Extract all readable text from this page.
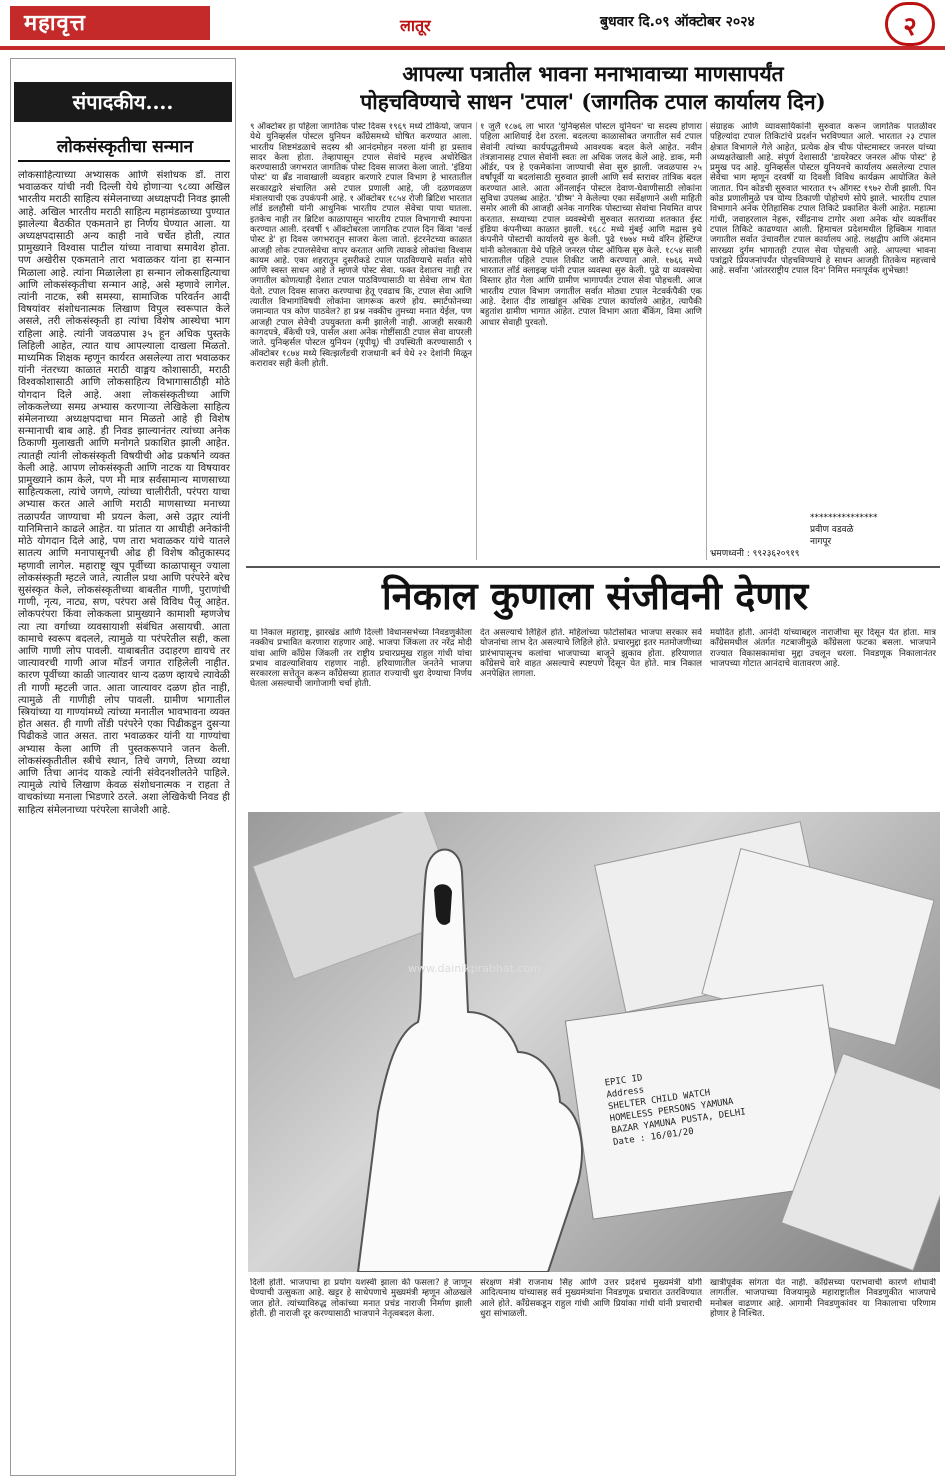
महावृत्त	लातूर	बुधवार दि.०९ ऑक्टोबर २०२४	२
संपादकीय....
लोकसंस्कृतीचा सन्मान
लोकसाहित्याच्या अभ्यासक आणि संशोधक डॉ. तारा भवाळकर यांची नवी दिल्ली येथे होणाऱ्या ९८व्या अखिल भारतीय मराठी साहित्य संमेलनाच्या अध्यक्षपदी निवड झाली आहे. अखिल भारतीय मराठी साहित्य महामंडळाच्या पुण्यात झालेल्या बैठकीत एकमताने हा निर्णय घेण्यात आला. या अध्यक्षपदासाठी अन्य काही नावे चर्चेत होती, त्यात प्रामुख्याने विश्वास पाटील यांच्या नावाचा समावेश होता. पण अखेरीस एकमताने तारा भवाळकर यांना हा सन्मान मिळाला आहे. त्यांना मिळालेला हा सन्मान लोकसाहित्याचा आणि लोकसंस्कृतीचा सन्मान आहे, असे म्हणावे लागेल. त्यांनी नाटक, स्त्री समस्या, सामाजिक परिवर्तन आदी विषयांवर संशोधनात्मक लिखाण विपुल स्वरूपात केले असले, तरी लोकसंस्कृती हा त्यांचा विशेष आस्थेचा भाग राहिला आहे. त्यांनी जवळपास ३५ हून अधिक पुस्तके लिहिली आहेत, त्यात याच आपल्याला दाखला मिळतो. माध्यमिक शिक्षक म्हणून कार्यरत असलेल्या तारा भवाळकर यांनी नंतरच्या काळात मराठी वाङ्मय कोशासाठी, मराठी विश्वकोशासाठी आणि लोकसाहित्य विभागासाठीही मोठे योगदान दिले आहे. अशा लोकसंस्कृतीच्या आणि लोककलेच्या समग्र अभ्यास करणाऱ्या लेखिकेला साहित्य संमेलनाच्या अध्यक्षपदाचा मान मिळतो आहे ही विशेष सन्मानाची बाब आहे. ही निवड झाल्यानंतर त्यांच्या अनेक ठिकाणी मुलाखती आणि मनोगते प्रकाशित झाली आहेत. त्यातही त्यांनी लोकसंस्कृती विषयीची ओढ प्रकर्षाने व्यक्त केली आहे. आपण लोकसंस्कृती आणि नाटक या विषयावर प्रामुख्याने काम केले, पण मी मात्र सर्वसामान्य माणसाच्या साहित्यकला, त्यांचे जगणे, त्यांच्या चालीरीती, परंपरा याचा अभ्यास करत आले आणि मराठी माणसाच्या मनाच्या तळापर्यंत जाण्याचा मी प्रयत्न केला, असे उद्गार त्यांनी यानिमित्ताने काढले आहेत. या प्रांतात या आधीही अनेकांनी मोठे योगदान दिले आहे, पण तारा भवाळकर यांचे यातले सातत्य आणि मनापासूनची ओढ ही विशेष कौतुकास्पद म्हणावी लागेल. महाराष्ट्र खूप पूर्वीच्या काळापासून ज्याला लोकसंस्कृती म्हटले जाते, त्यातील प्रथा आणि परंपरेने बरेच सुसंस्कृत केले, लोकसंस्कृतीच्या बाबतीत गाणी, पुराणांची गाणी, नृत्य, नाट्य, सण, परंपरा असे विविध पैलू आहेत. लोकपरंपरा किंवा लोककला प्रामुख्याने कामाशी म्हणजेच त्या त्या वर्गाच्या व्यवसायाशी संबंधित असायची. आता कामाचे स्वरूप बदलले, त्यामुळे या परंपरेतील सही, कला आणि गाणी लोप पावली. याबाबतीत उदाहरण द्यायचे तर जात्यावरची गाणी आज मॉडर्न जगात राहिलेली नाहीत. कारण पूर्वीच्या काळी जात्यावर धान्य दळण व्हायचे त्यावेळी ती गाणी म्हटली जात. आता जात्यावर दळण होत नाही, त्यामुळे ती गाणीही लोप पावली. ग्रामीण भागातील स्त्रियांच्या या गाण्यांमध्ये त्यांच्या मनातील भावभावना व्यक्त होत असत. ही गाणी तोंडी परंपरेने एका पिढीकडून दुसऱ्या पिढीकडे जात असत. तारा भवाळकर यांनी या गाण्यांचा अभ्यास केला आणि ती पुस्तकरूपाने जतन केली. लोकसंस्कृतीतील स्त्रीचे स्थान, तिचे जगणे, तिच्या व्यथा आणि तिचा आनंद याकडे त्यांनी संवेदनशीलतेने पाहिले. त्यामुळे त्यांचे लिखाण केवळ संशोधनात्मक न राहता ते वाचकांच्या मनाला भिडणारे ठरले. अशा लेखिकेची निवड ही साहित्य संमेलनाच्या परंपरेला साजेशी आहे.
आपल्या पत्रातील भावना मनाभावाच्या माणसापर्यंत
पोहचविण्याचे साधन 'टपाल' (जागतिक टपाल कार्यालय दिन)
९ ऑक्टोबर हा पहिला जागतिक पोस्ट दिवस १९६९ मध्ये टोकियो, जपान येथे युनिव्हर्सल पोस्टल युनियन काँग्रेसमध्ये घोषित करण्यात आला. भारतीय शिष्टमंडळाचे सदस्य श्री आनंदमोहन नरुला यांनी हा प्रस्ताव सादर केला होता. तेव्हापासून टपाल सेवांचे महत्त्व अधोरेखित करण्यासाठी जगभरात जागतिक पोस्ट दिवस साजरा केला जातो. 'इंडिया पोस्ट' या ब्रँड नावाखाली व्यवहार करणारे टपाल विभाग हे भारतातील सरकारद्वारे संचालित असे टपाल प्रणाली आहे, जी दळणवळण मंत्रालयाची एक उपकंपनी आहे. १ ऑक्टोबर १८५४ रोजी ब्रिटिश भारतात लॉर्ड डलहौसी यांनी आधुनिक भारतीय टपाल सेवेचा पाया घातला. इतकेच नाही तर ब्रिटिश काळापासून भारतीय टपाल विभागाची स्थापना करण्यात आली. दरवर्षी ९ ऑक्टोबरला जागतिक टपाल दिन किंवा 'वर्ल्ड पोस्ट डे' हा दिवस जगभरातून साजरा केला जातो. इंटरनेटच्या काळात आजही लोक टपालसेवेचा वापर करतात आणि त्याकडे लोकांचा विश्वास कायम आहे. एका शहरातून दुसरीकडे टपाल पाठविण्याचे सर्वात सोपे आणि स्वस्त साधन आहे ते म्हणजे पोस्ट सेवा. फक्त देशातच नाही तर जगातील कोणत्याही देशात टपाल पाठविण्यासाठी या सेवेचा लाभ घेता येतो. टपाल दिवस साजरा करण्याचा हेतू एवढाच कि, टपाल सेवा आणि त्यातील विभागांविषयी लोकांना जागरूक करणे होय. स्मार्टफोनच्या जमान्यात पत्र कोण पाठवेल? हा प्रश्न नक्कीच तुमच्या मनात येईल, पण आजही टपाल सेवेची उपयुक्तता कमी झालेली नाही. आजही सरकारी कागदपत्रे, बँकेची पत्रे, पार्सल अशा अनेक गोष्टींसाठी टपाल सेवा वापरली जाते. युनिव्हर्सल पोस्टल युनियन (यूपीयू) ची उपस्थिती करण्यासाठी ९ ऑक्टोबर १८७४ मध्ये स्वित्झर्लंडची राजधानी बर्न येथे २२ देशांनी मिळून करारावर सही केली होती.
१ जुलै १८७६ ला भारत 'युनिव्हर्सल पोस्टल युनियन' चा सदस्य होणारा पहिला आशियाई देश ठरला. बदलत्या काळासोबत जगातील सर्व टपाल सेवांनी त्यांच्या कार्यपद्धतीमध्ये आवश्यक बदल केले आहेत. नवीन तंत्रज्ञानासह टपाल सेवांनी स्वतः ला अधिक जलद केले आहे. डाक, मनी ऑर्डर, पत्र हे एकमेकांना जाण्याची सेवा सुरु झाली. जवळपास २५ वर्षांपूर्वी या बदलांसाठी सुरुवात झाली आणि सर्व स्तरावर तांत्रिक बदल करण्यात आले. आता ऑनलाईन पोस्टल देवाण-घेवाणीसाठी लोकांना सुविधा उपलब्ध आहेत. 'ग्रीष्म' ने केलेल्या एका सर्वेक्षणाने अशी माहिती समोर आली की आजही अनेक नागरिक पोस्टाच्या सेवांचा नियमित वापर करतात. सध्याच्या टपाल व्यवस्थेची सुरुवात सतराव्या शतकात ईस्ट इंडिया कंपनीच्या काळात झाली. १६८८ मध्ये मुंबई आणि मद्रास इथे कंपनीने पोस्टाची कार्यालये सुरु केली. पुढे १७७४ मध्ये वॉरेन हेस्टिंग्ज यांनी कोलकाता येथे पहिले जनरल पोस्ट ऑफिस सुरु केले. १८५४ साली भारतातील पहिले टपाल तिकीट जारी करण्यात आले. १७६६ मध्ये भारतात लॉर्ड क्लाइव्ह यांनी टपाल व्यवस्था सुरु केली. पुढे या व्यवस्थेचा विस्तार होत गेला आणि ग्रामीण भागापर्यंत टपाल सेवा पोहचली. आज भारतीय टपाल विभाग जगातील सर्वात मोठ्या टपाल नेटवर्कपैकी एक आहे. देशात दीड लाखांहून अधिक टपाल कार्यालये आहेत, त्यापैकी बहुतांश ग्रामीण भागात आहेत. टपाल विभाग आता बँकिंग, विमा आणि आधार सेवाही पुरवतो.
संग्राहक आणि व्यावसायिकांनी सुरुवात करून जागतिक पातळीवर पहिल्यांदा टपाल तिकिटांचे प्रदर्शन भरविण्यात आले. भारतात २३ टपाल क्षेत्रात विभागले गेले आहेत, प्रत्येक क्षेत्र चीफ पोस्टमास्टर जनरल यांच्या अध्यक्षतेखाली आहे. संपूर्ण देशासाठी 'डायरेक्टर जनरल ऑफ पोस्ट' हे प्रमुख पद आहे. युनिव्हर्सल पोस्टल युनियनचे कार्यालय असलेल्या टपाल सेवेचा भाग म्हणून दरवर्षी या दिवशी विविध कार्यक्रम आयोजित केले जातात. पिन कोडची सुरुवात भारतात १५ ऑगस्ट १९७२ रोजी झाली. पिन कोड प्रणालीमुळे पत्र योग्य ठिकाणी पोहोचणे सोपे झाले. भारतीय टपाल विभागाने अनेक ऐतिहासिक टपाल तिकिटे प्रकाशित केली आहेत. महात्मा गांधी, जवाहरलाल नेहरू, रवींद्रनाथ टागोर अशा अनेक थोर व्यक्तींवर टपाल तिकिटे काढण्यात आली. हिमाचल प्रदेशमधील हिक्किम गावात जगातील सर्वात उंचावरील टपाल कार्यालय आहे. लक्षद्वीप आणि अंदमान सारख्या दुर्गम भागातही टपाल सेवा पोहचली आहे. आपल्या भावना पत्रांद्वारे प्रियजनांपर्यंत पोहचविण्याचे हे साधन आजही तितकेच महत्त्वाचे आहे. सर्वांना 'आंतरराष्ट्रीय टपाल दिन' निमित्त मनःपूर्वक शुभेच्छा!
***************
प्रवीण वडवळे
नागपूर
भ्रमणध्वनी : ९९२३६२०९१९
निकाल कुणाला संजीवनी देणार
या निकाल महाराष्ट्र, झारखंड आणि दिल्ली विधानसभेच्या निवडणुकीला नक्कीच प्रभावित करणारा राहणार आहे. भाजपा जिंकला तर नरेंद्र मोदी यांचा आणि काँग्रेस जिंकली तर राष्ट्रीय प्रचारप्रमुख राहुल गांधी यांचा प्रभाव वाढल्याशिवाय राहणार नाही. हरियाणातील जनतेने भाजपा सरकारला सत्तेतून करून काँग्रेसच्या हातात राज्याची धुरा देण्याचा निर्णय घेतला असल्याची जागोजागी चर्चा होती.
देत असल्याचे लिहिले होते. महिलांच्या फोटोसोबत भाजपा सरकार सर्व योजनांचा लाभ देत असल्याचे लिहिले होते. प्रचारमुद्दा इतर मतमोजणीच्या प्रारंभापासूनच कलांचा भाजपाच्या बाजूने झुकाव होता. हरियाणात काँग्रेसचे वारे वाहत असल्याचे स्पष्टपणे दिसून येत होते. मात्र निकाल अनपेक्षित लागला.
मर्यादित होती. आनंदी यांच्याबद्दल नाराजीचा सूर दिसून येत होता. मात्र काँग्रेसमधील अंतर्गत गटबाजीमुळे काँग्रेसला फटका बसला. भाजपाने राज्यात विकासकामांचा मुद्दा उचलून धरला. निवडणूक निकालानंतर भाजपच्या गोटात आनंदाचे वातावरण आहे.
EPIC ID
Address
SHELTER CHILD WATCH
HOMELESS PERSONS YAMUNA
BAZAR YAMUNA PUSTA, DELHI
Date : 16/01/20
www.dainikprabhat.com
दिली होती. भाजपाचा हा प्रयोग यशस्वी झाला की फसला? हे जाणून घेण्याची उत्सुकता आहे. खट्टर हे साधेपणाचे मुख्यमंत्री म्हणून ओळखले जात होते. त्यांच्याविरुद्ध लोकांच्या मनात प्रचंड नाराजी निर्माण झाली होती. ही नाराजी दूर करण्यासाठी भाजपाने नेतृत्वबदल केला.
संरक्षण मंत्री राजनाथ सिंह आणि उत्तर प्रदेशचे मुख्यमंत्री योगी आदित्यनाथ यांच्यासह सर्व मुख्यमंत्र्यांना निवडणूक प्रचारात उतरविण्यात आले होते. काँग्रेसकडून राहुल गांधी आणि प्रियांका गांधी यांनी प्रचाराची धुरा सांभाळली.
खात्रीपूर्वक सांगता येत नाही. काँग्रेसच्या पराभवाची कारणे शोधावी लागतील. भाजपाच्या विजयामुळे महाराष्ट्रातील निवडणुकीत भाजपाचे मनोबल वाढणार आहे. आगामी निवडणुकांवर या निकालाचा परिणाम होणार हे निश्चित.
